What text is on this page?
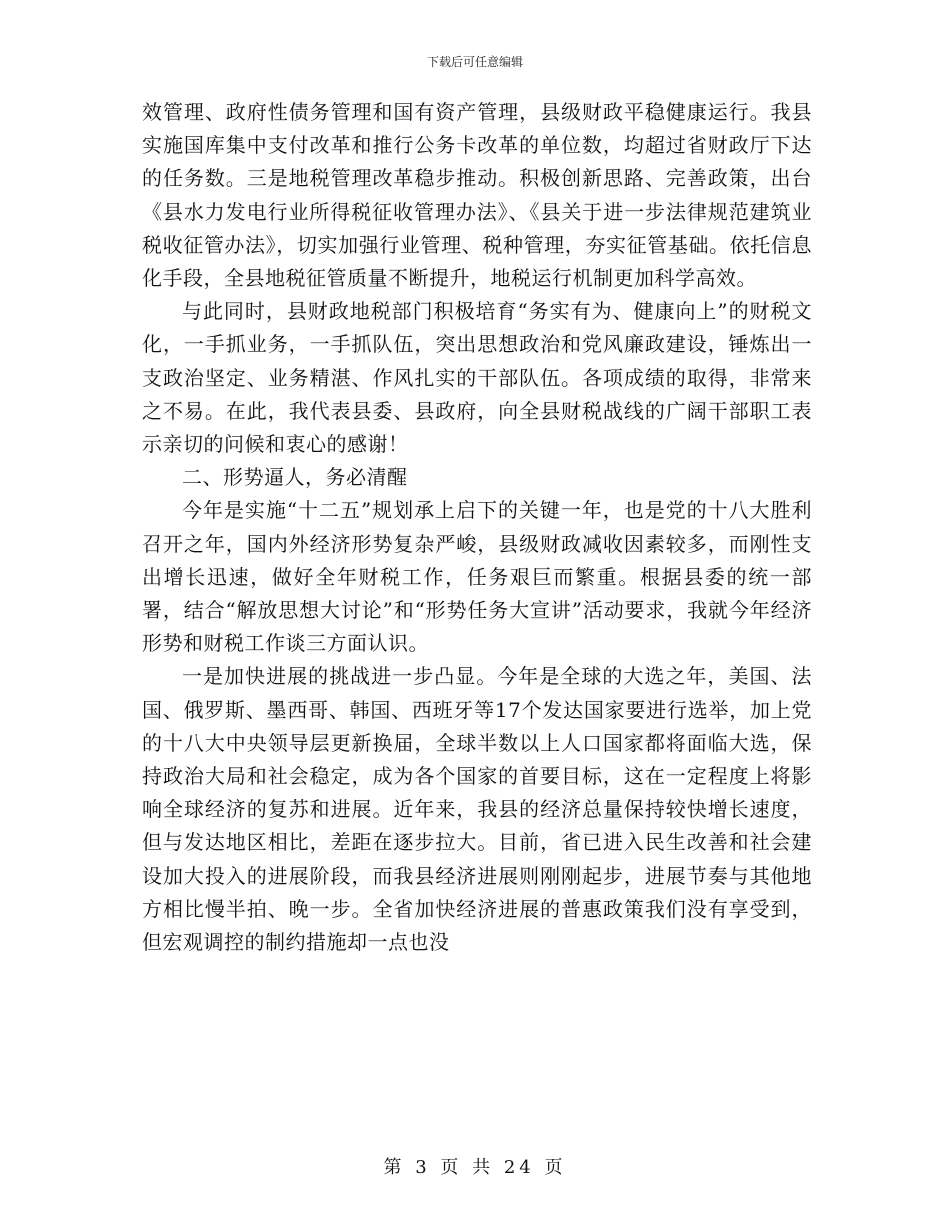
下载后可任意编辑

效管理、政府性债务管理和国有资产管理，县级财政平稳健康运行。我县实施国库集中支付改革和推行公务卡改革的单位数，均超过省财政厅下达的任务数。三是地税管理改革稳步推动。积极创新思路、完善政策，出台《县水力发电行业所得税征收管理办法》、《县关于进一步法律规范建筑业税收征管办法》，切实加强行业管理、税种管理，夯实征管基础。依托信息化手段，全县地税征管质量不断提升，地税运行机制更加科学高效。

与此同时，县财政地税部门积极培育“务实有为、健康向上”的财税文化，一手抓业务，一手抓队伍，突出思想政治和党风廉政建设，锤炼出一支政治坚定、业务精湛、作风扎实的干部队伍。各项成绩的取得，非常来之不易。在此，我代表县委、县政府，向全县财税战线的广阔干部职工表示亲切的问候和衷心的感谢！

二、形势逼人，务必清醒

今年是实施“十二五”规划承上启下的关键一年，也是党的十八大胜利召开之年，国内外经济形势复杂严峻，县级财政减收因素较多，而刚性支出增长迅速，做好全年财税工作，任务艰巨而繁重。根据县委的统一部署，结合“解放思想大讨论”和“形势任务大宣讲”活动要求，我就今年经济形势和财税工作谈三方面认识。

一是加快进展的挑战进一步凸显。今年是全球的大选之年，美国、法国、俄罗斯、墨西哥、韩国、西班牙等17个发达国家要进行选举，加上党的十八大中央领导层更新换届，全球半数以上人口国家都将面临大选，保持政治大局和社会稳定，成为各个国家的首要目标，这在一定程度上将影响全球经济的复苏和进展。近年来，我县的经济总量保持较快增长速度，但与发达地区相比，差距在逐步拉大。目前，省已进入民生改善和社会建设加大投入的进展阶段，而我县经济进展则刚刚起步，进展节奏与其他地方相比慢半拍、晚一步。全省加快经济进展的普惠政策我们没有享受到，但宏观调控的制约措施却一点也没

第 3 页 共 24 页
